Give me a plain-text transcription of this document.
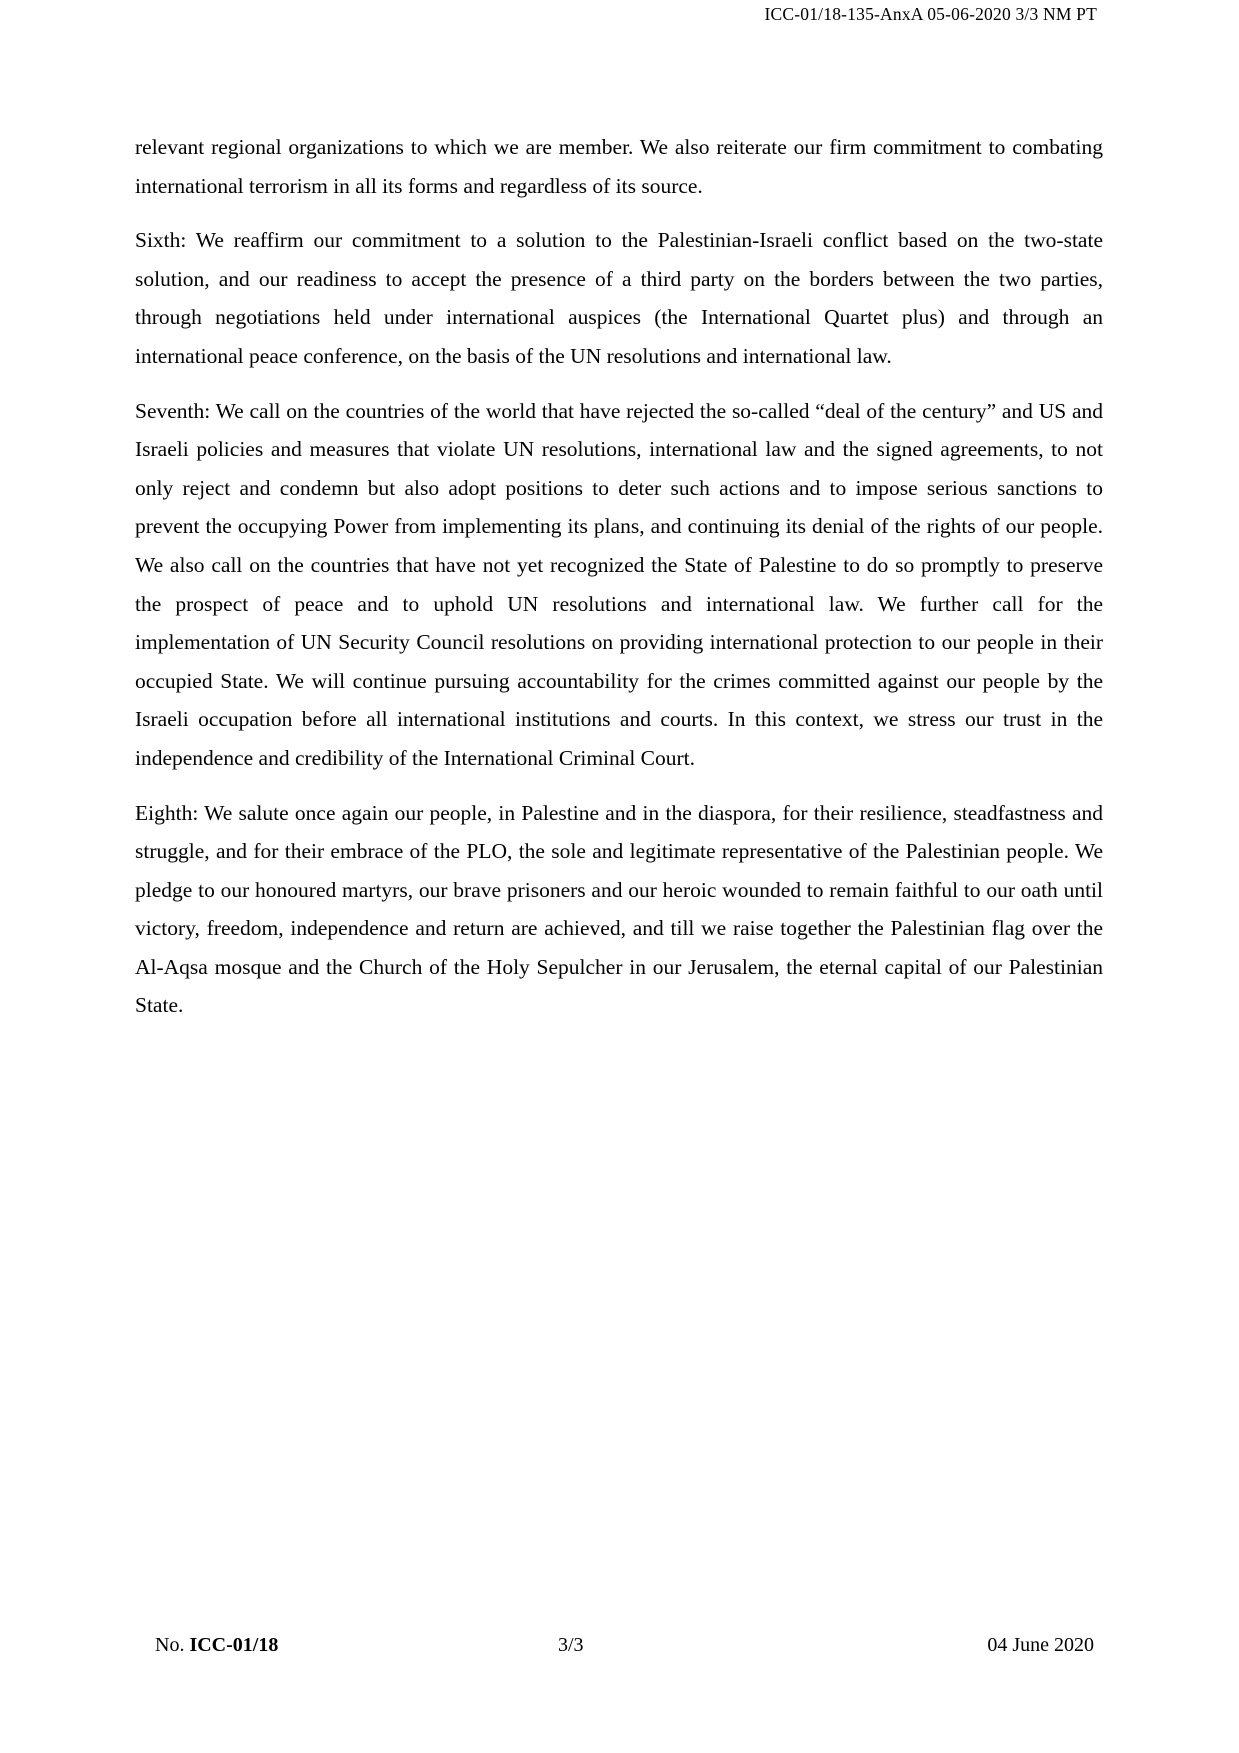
ICC-01/18-135-AnxA 05-06-2020 3/3 NM PT

relevant regional organizations to which we are member. We also reiterate our firm commitment to combating international terrorism in all its forms and regardless of its source.

Sixth: We reaffirm our commitment to a solution to the Palestinian-Israeli conflict based on the two-state solution, and our readiness to accept the presence of a third party on the borders between the two parties, through negotiations held under international auspices (the International Quartet plus) and through an international peace conference, on the basis of the UN resolutions and international law.

Seventh: We call on the countries of the world that have rejected the so-called “deal of the century” and US and Israeli policies and measures that violate UN resolutions, international law and the signed agreements, to not only reject and condemn but also adopt positions to deter such actions and to impose serious sanctions to prevent the occupying Power from implementing its plans, and continuing its denial of the rights of our people. We also call on the countries that have not yet recognized the State of Palestine to do so promptly to preserve the prospect of peace and to uphold UN resolutions and international law. We further call for the implementation of UN Security Council resolutions on providing international protection to our people in their occupied State. We will continue pursuing accountability for the crimes committed against our people by the Israeli occupation before all international institutions and courts. In this context, we stress our trust in the independence and credibility of the International Criminal Court.

Eighth: We salute once again our people, in Palestine and in the diaspora, for their resilience, steadfastness and struggle, and for their embrace of the PLO, the sole and legitimate representative of the Palestinian people. We pledge to our honoured martyrs, our brave prisoners and our heroic wounded to remain faithful to our oath until victory, freedom, independence and return are achieved, and till we raise together the Palestinian flag over the Al-Aqsa mosque and the Church of the Holy Sepulcher in our Jerusalem, the eternal capital of our Palestinian State.

No. ICC-01/18	3/3	04 June 2020
